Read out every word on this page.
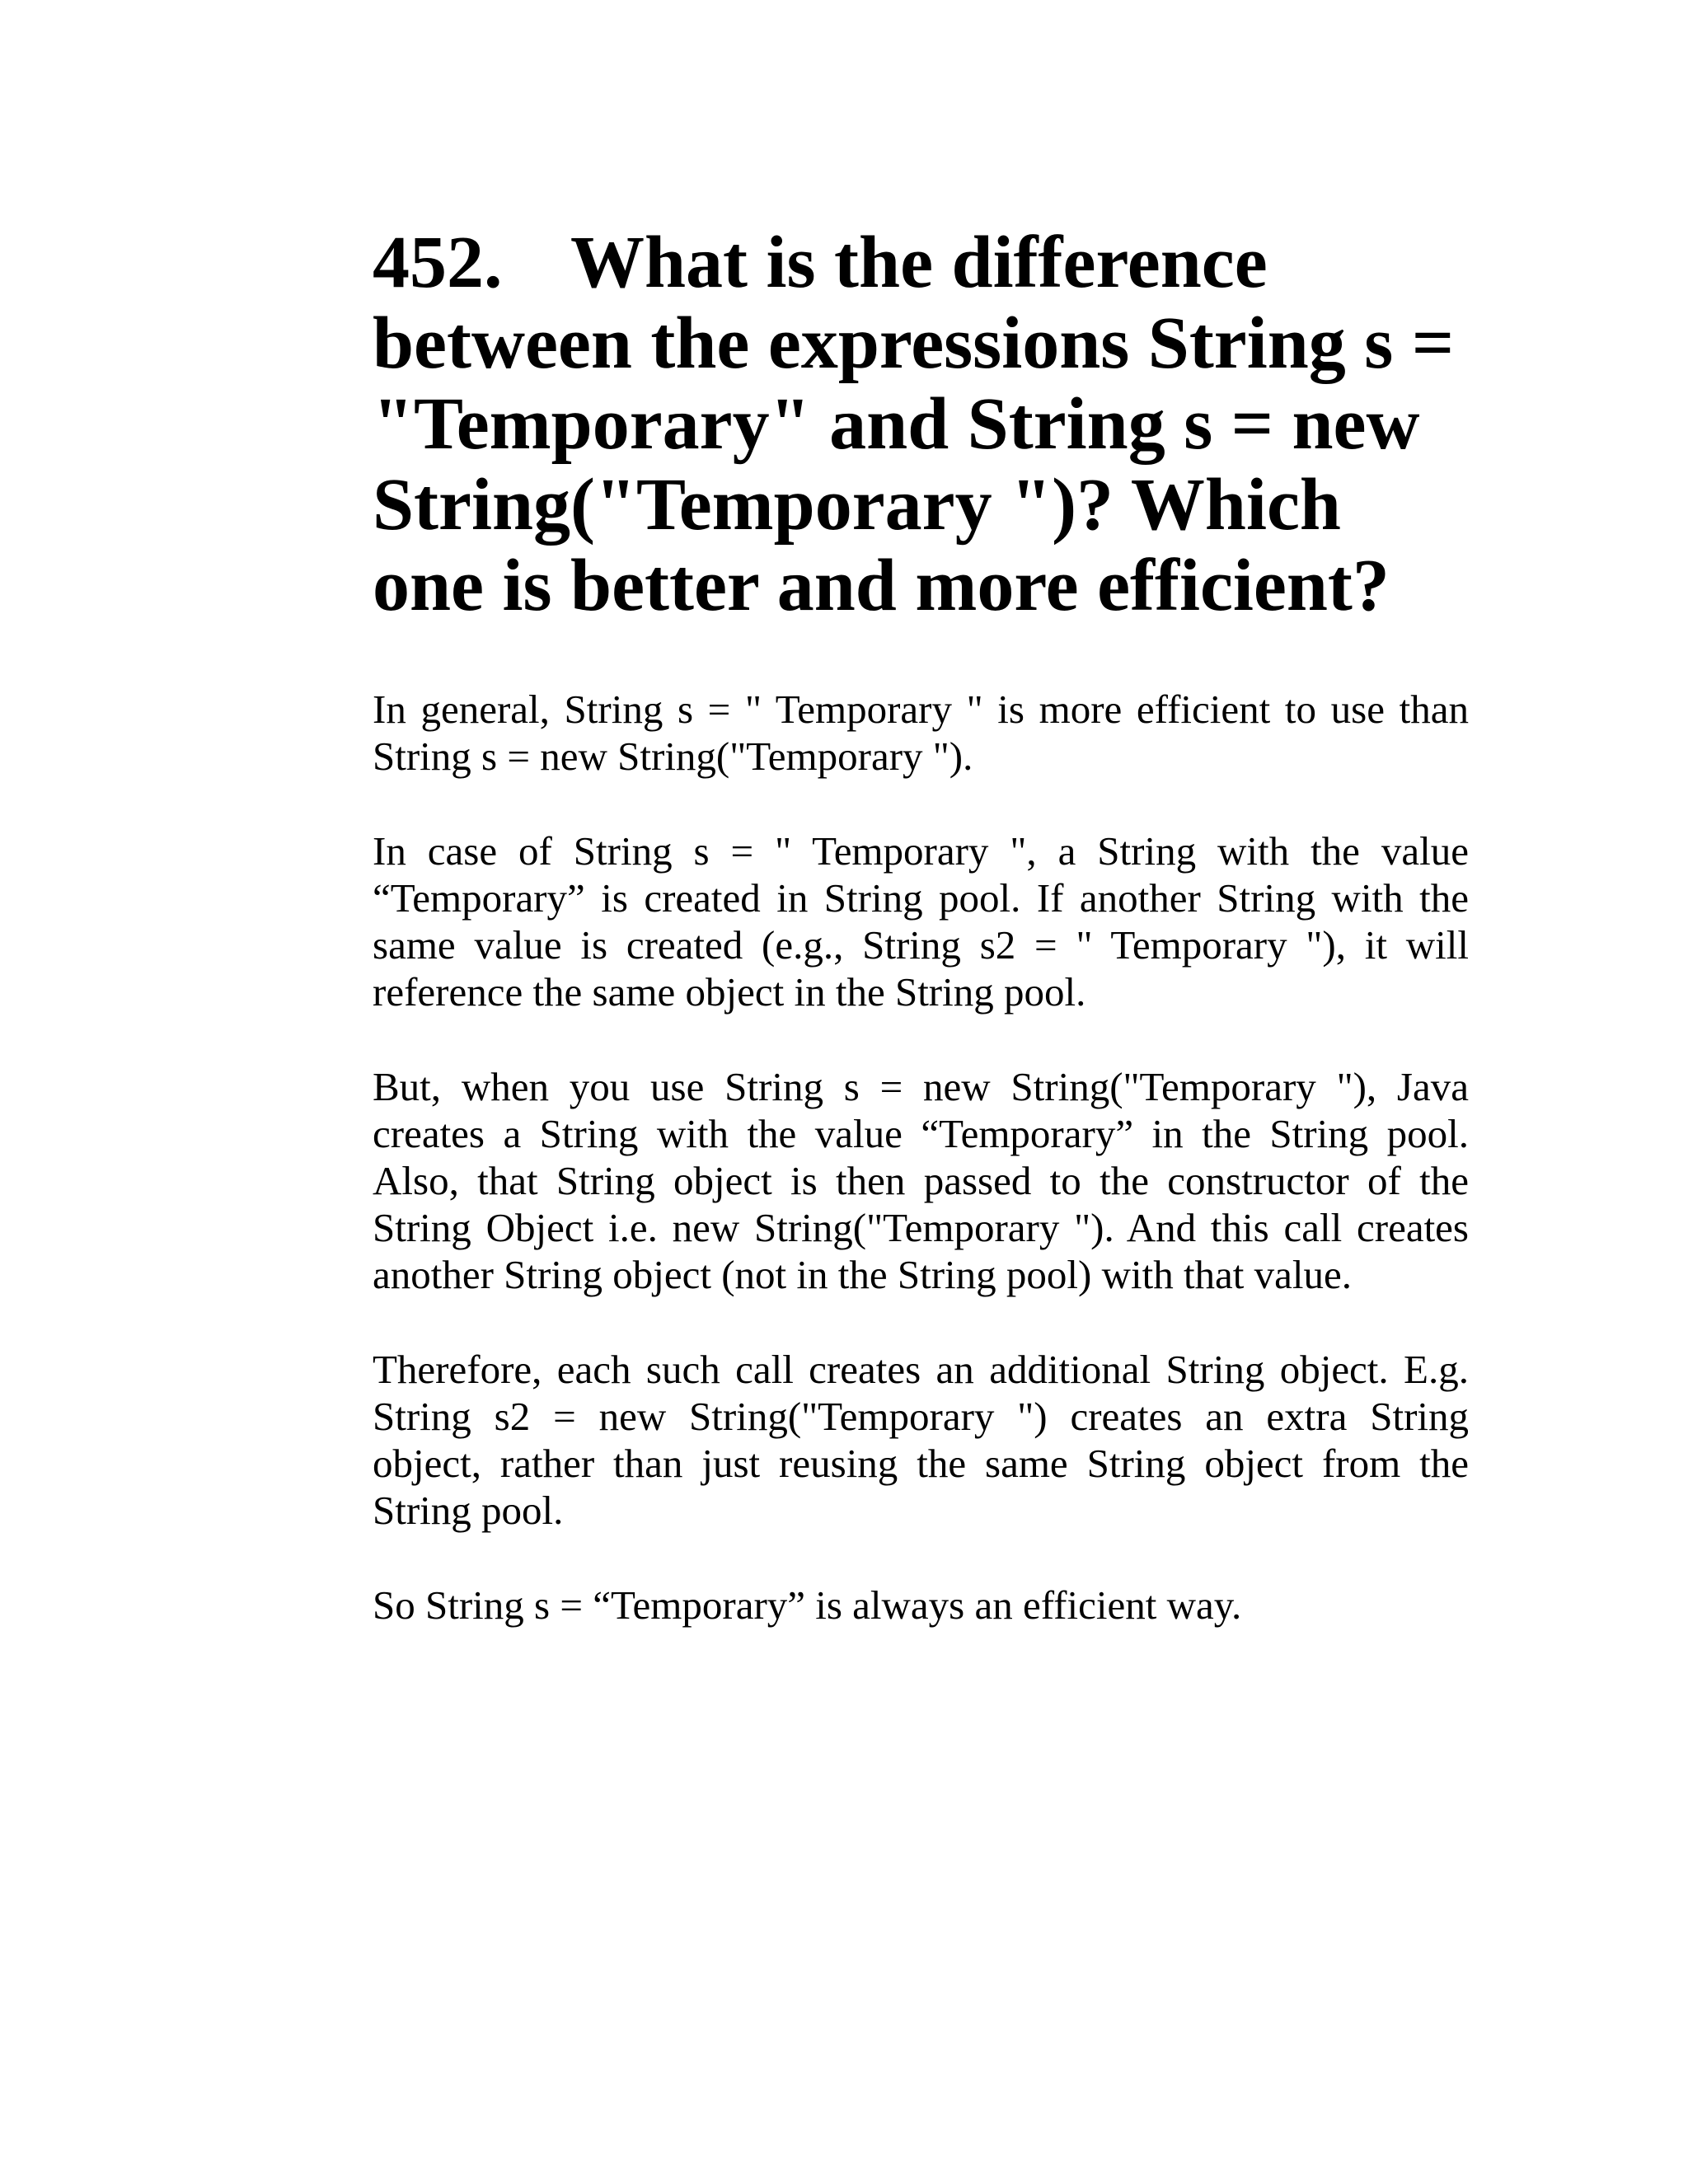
452. What is the difference between the expressions String s = "Temporary" and String s = new String("Temporary ")? Which one is better and more efficient?

In general, String s = " Temporary " is more efficient to use than String s = new String("Temporary ").

In case of String s = " Temporary ", a String with the value “Temporary” is created in String pool. If another String with the same value is created (e.g., String s2 = " Temporary "), it will reference the same object in the String pool.

But, when you use String s = new String("Temporary "), Java creates a String with the value “Temporary” in the String pool. Also, that String object is then passed to the constructor of the String Object i.e. new String("Temporary "). And this call creates another String object (not in the String pool) with that value.

Therefore, each such call creates an additional String object. E.g. String s2 = new String("Temporary ") creates an extra String object, rather than just reusing the same String object from the String pool.

So String s = “Temporary” is always an efficient way.
